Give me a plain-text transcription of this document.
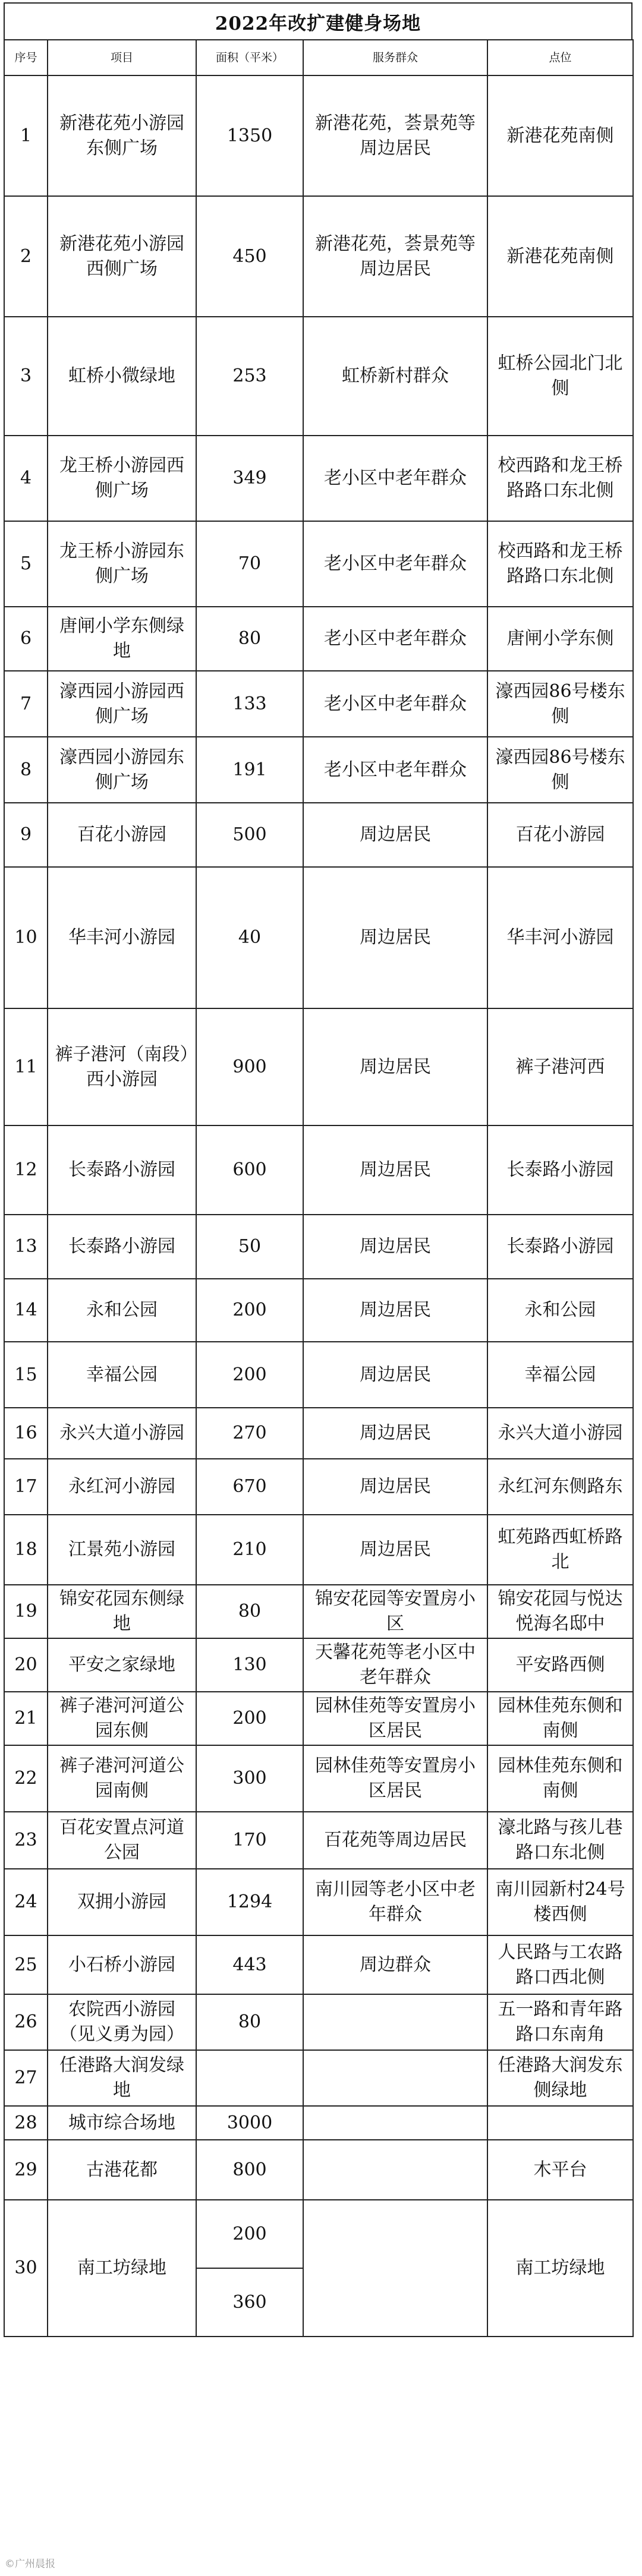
2022年改扩建健身场地
序号	项目	面积（平米）	服务群众	点位
1	新港花苑小游园东侧广场	1350	新港花苑，荟景苑等周边居民	新港花苑南侧
2	新港花苑小游园西侧广场	450	新港花苑，荟景苑等周边居民	新港花苑南侧
3	虹桥小微绿地	253	虹桥新村群众	虹桥公园北门北侧
4	龙王桥小游园西侧广场	349	老小区中老年群众	校西路和龙王桥路路口东北侧
5	龙王桥小游园东侧广场	70	老小区中老年群众	校西路和龙王桥路路口东北侧
6	唐闸小学东侧绿地	80	老小区中老年群众	唐闸小学东侧
7	濠西园小游园西侧广场	133	老小区中老年群众	濠西园86号楼东侧
8	濠西园小游园东侧广场	191	老小区中老年群众	濠西园86号楼东侧
9	百花小游园	500	周边居民	百花小游园
10	华丰河小游园	40	周边居民	华丰河小游园
11	裤子港河（南段）西小游园	900	周边居民	裤子港河西
12	长泰路小游园	600	周边居民	长泰路小游园
13	长泰路小游园	50	周边居民	长泰路小游园
14	永和公园	200	周边居民	永和公园
15	幸福公园	200	周边居民	幸福公园
16	永兴大道小游园	270	周边居民	永兴大道小游园
17	永红河小游园	670	周边居民	永红河东侧路东
18	江景苑小游园	210	周边居民	虹苑路西虹桥路北
19	锦安花园东侧绿地	80	锦安花园等安置房小区	锦安花园与悦达悦海名邸中
20	平安之家绿地	130	天馨花苑等老小区中老年群众	平安路西侧
21	裤子港河河道公园东侧	200	园林佳苑等安置房小区居民	园林佳苑东侧和南侧
22	裤子港河河道公园南侧	300	园林佳苑等安置房小区居民	园林佳苑东侧和南侧
23	百花安置点河道公园	170	百花苑等周边居民	濠北路与孩儿巷路口东北侧
24	双拥小游园	1294	南川园等老小区中老年群众	南川园新村24号楼西侧
25	小石桥小游园	443	周边群众	人民路与工农路路口西北侧
26	农院西小游园（见义勇为园）	80		五一路和青年路路口东南角
27	任港路大润发绿地			任港路大润发东侧绿地
28	城市综合场地	3000		
29	古港花都	800		木平台
30	南工坊绿地	200		南工坊绿地
		360		
©广州晨报
